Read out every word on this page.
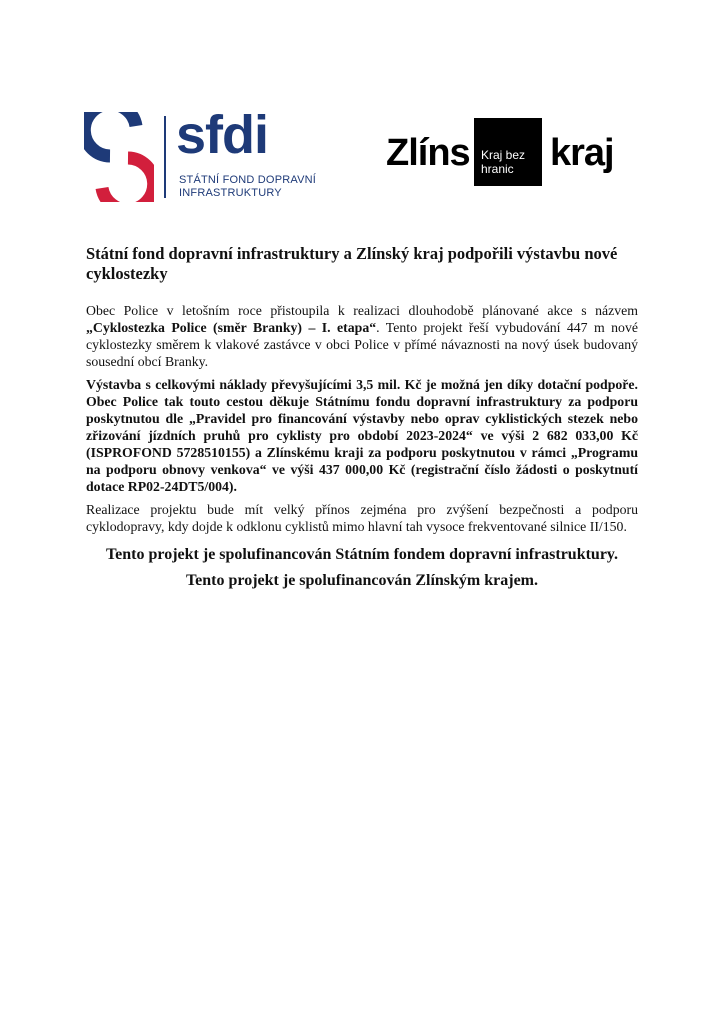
sfdi
STÁTNÍ FOND DOPRAVNÍ
INFRASTRUKTURY
Zlíns Kraj bez
hranic kraj
Státní fond dopravní infrastruktury a Zlínský kraj podpořili výstavbu nové cyklostezky

Obec Police v letošním roce přistoupila k realizaci dlouhodobě plánované akce s názvem „Cyklostezka Police (směr Branky) – I. etapa“. Tento projekt řeší vybudování 447 m nové cyklostezky směrem k vlakové zastávce v obci Police v přímé návaznosti na nový úsek budovaný sousední obcí Branky.

Výstavba s celkovými náklady převyšujícími 3,5 mil. Kč je možná jen díky dotační podpoře. Obec Police tak touto cestou děkuje Státnímu fondu dopravní infrastruktury za podporu poskytnutou dle „Pravidel pro financování výstavby nebo oprav cyklistických stezek nebo zřizování jízdních pruhů pro cyklisty pro období 2023-2024“ ve výši 2 682 033,00 Kč (ISPROFOND 5728510155) a Zlínskému kraji za podporu poskytnutou v rámci „Programu na podporu obnovy venkova“ ve výši 437 000,00 Kč (registrační číslo žádosti o poskytnutí dotace RP02-24DT5/004).

Realizace projektu bude mít velký přínos zejména pro zvýšení bezpečnosti a podporu cyklodopravy, kdy dojde k odklonu cyklistů mimo hlavní tah vysoce frekventované silnice II/150.

Tento projekt je spolufinancován Státním fondem dopravní infrastruktury.
Tento projekt je spolufinancován Zlínským krajem.
